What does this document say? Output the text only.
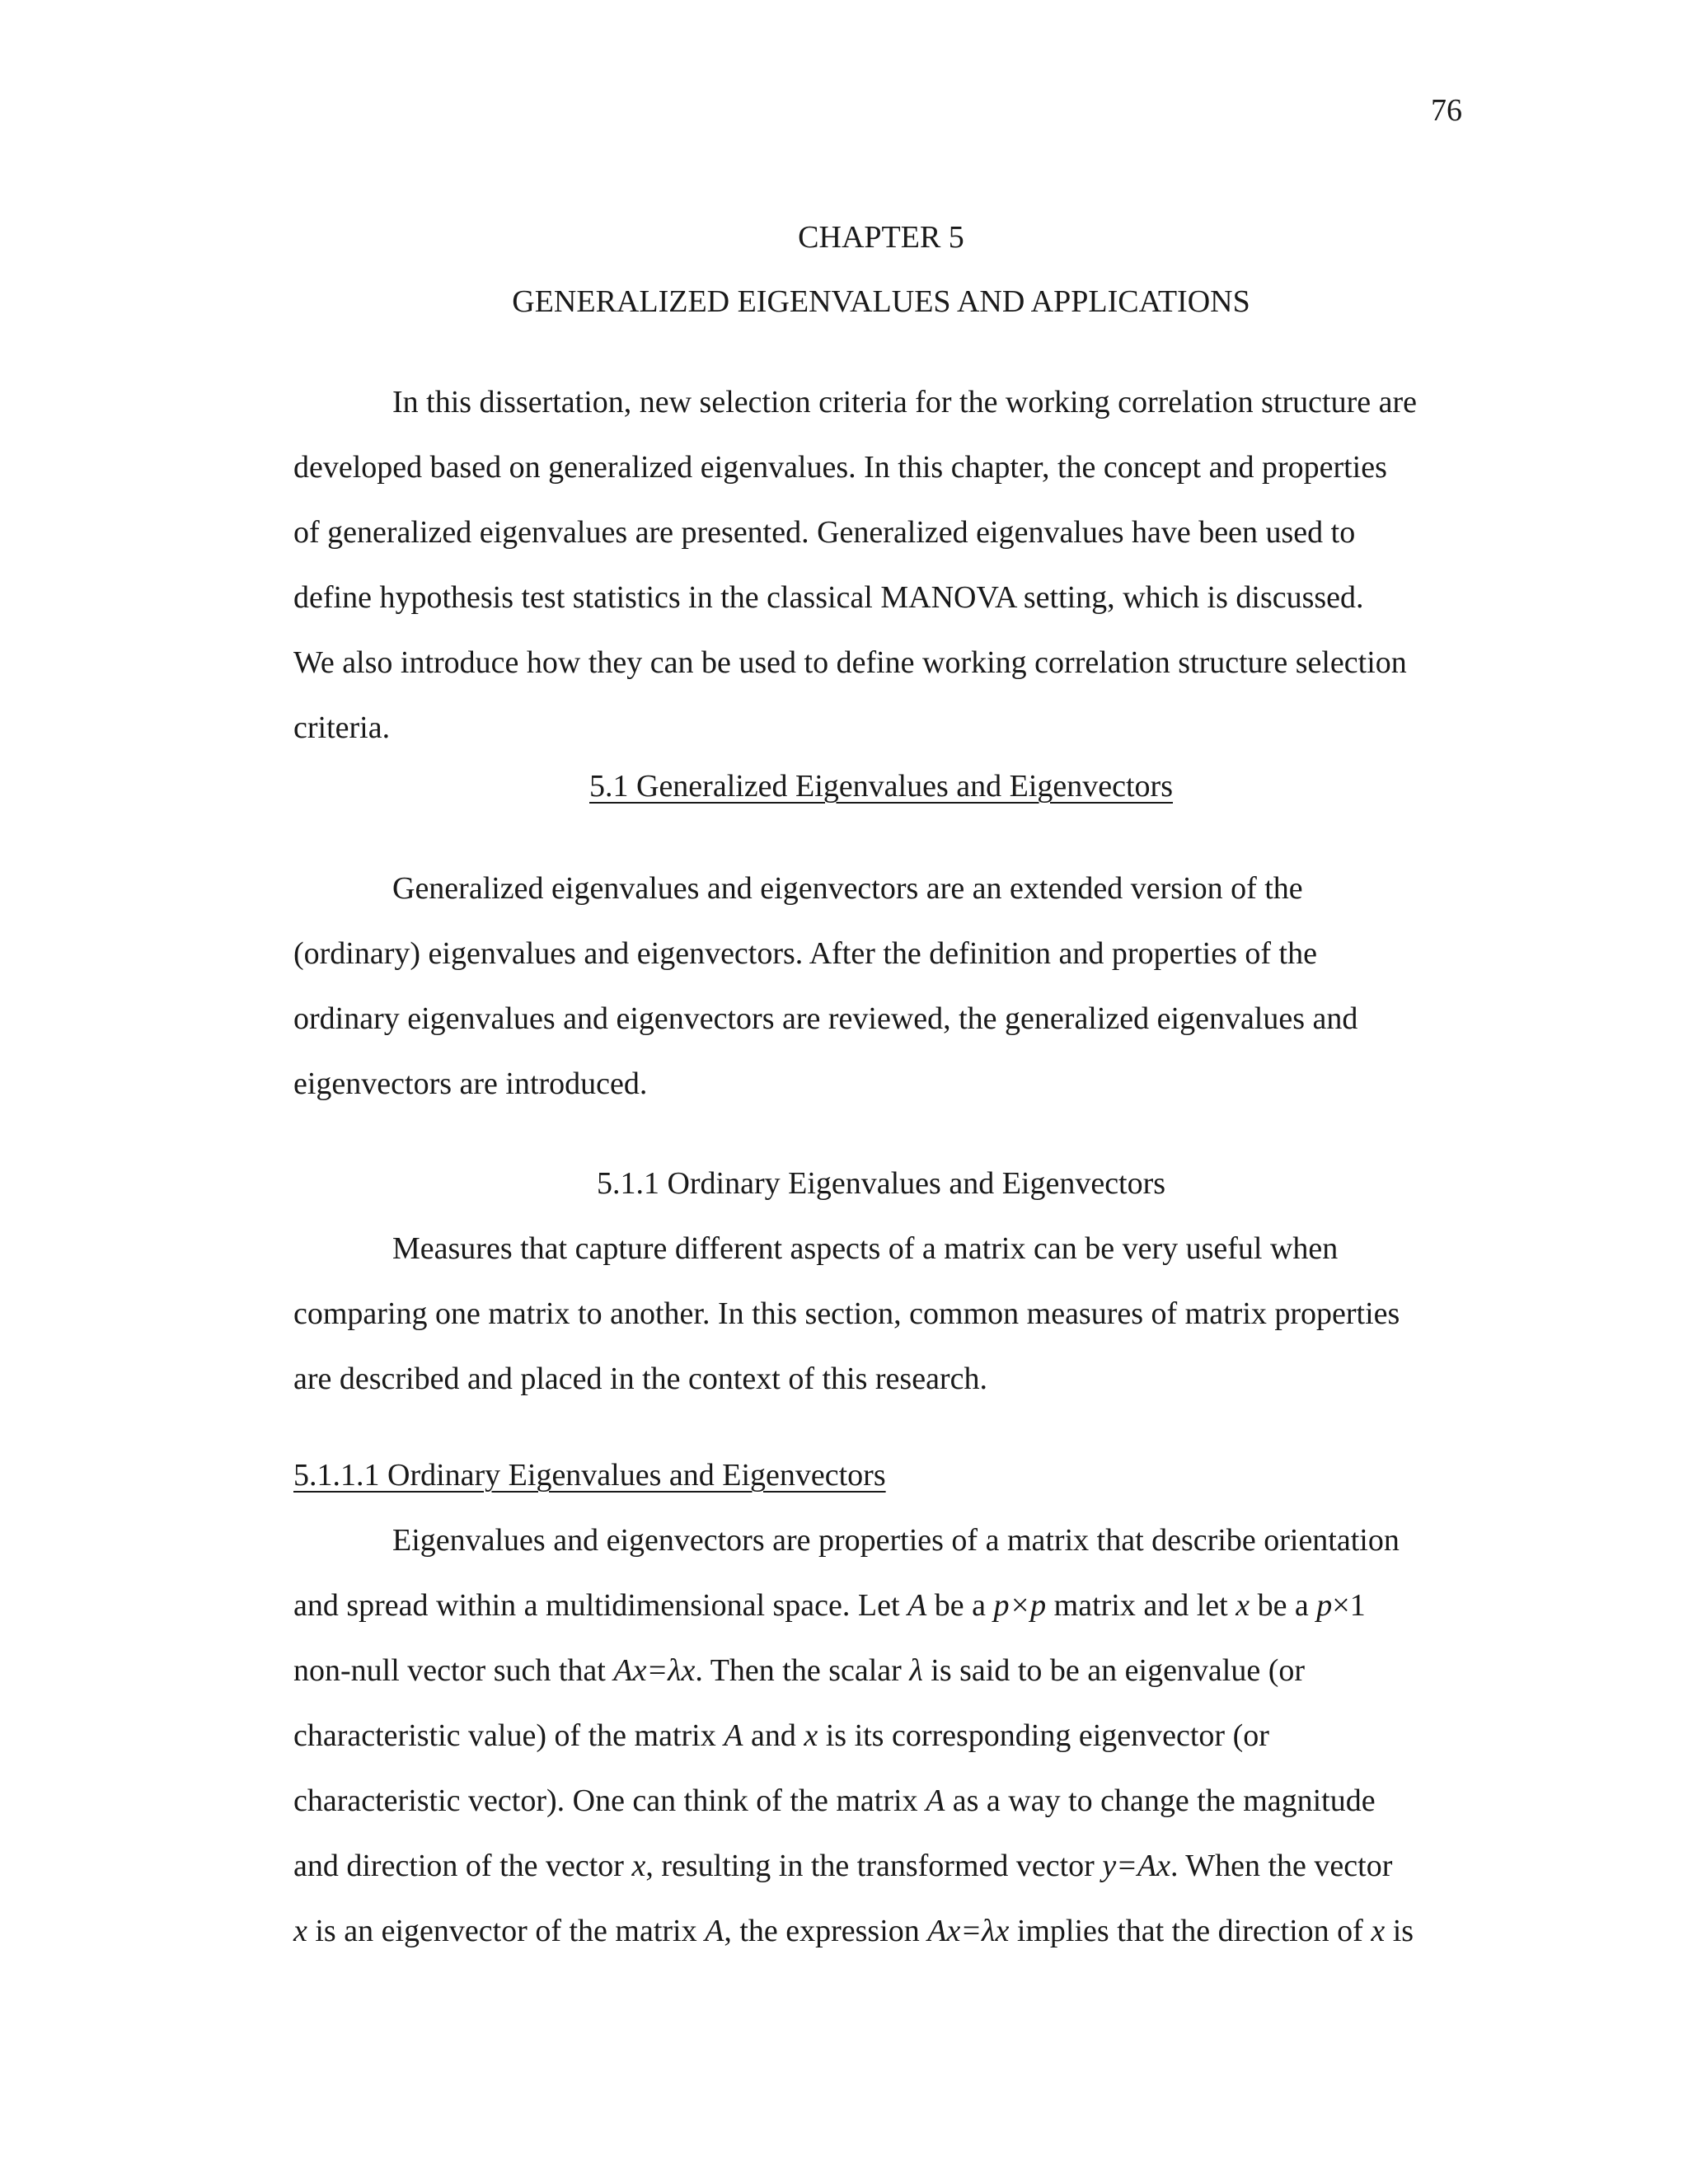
76
CHAPTER 5
GENERALIZED EIGENVALUES AND APPLICATIONS
In this dissertation, new selection criteria for the working correlation structure are
developed based on generalized eigenvalues. In this chapter, the concept and properties
of generalized eigenvalues are presented. Generalized eigenvalues have been used to
define hypothesis test statistics in the classical MANOVA setting, which is discussed.
We also introduce how they can be used to define working correlation structure selection
criteria.
5.1 Generalized Eigenvalues and Eigenvectors
Generalized eigenvalues and eigenvectors are an extended version of the
(ordinary) eigenvalues and eigenvectors. After the definition and properties of the
ordinary eigenvalues and eigenvectors are reviewed, the generalized eigenvalues and
eigenvectors are introduced.
5.1.1 Ordinary Eigenvalues and Eigenvectors
Measures that capture different aspects of a matrix can be very useful when
comparing one matrix to another. In this section, common measures of matrix properties
are described and placed in the context of this research.
5.1.1.1 Ordinary Eigenvalues and Eigenvectors
Eigenvalues and eigenvectors are properties of a matrix that describe orientation
and spread within a multidimensional space. Let A be a p×p matrix and let x be a p×1
non-null vector such that Ax=λx. Then the scalar λ is said to be an eigenvalue (or
characteristic value) of the matrix A and x is its corresponding eigenvector (or
characteristic vector). One can think of the matrix A as a way to change the magnitude
and direction of the vector x, resulting in the transformed vector y=Ax. When the vector
x is an eigenvector of the matrix A, the expression Ax=λx implies that the direction of x is
